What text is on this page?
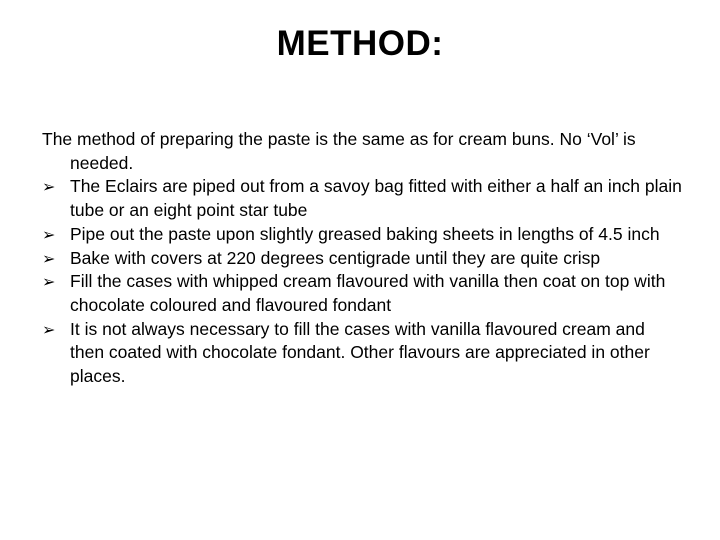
METHOD:

The method of preparing the paste is the same as for cream buns. No ‘Vol’ is needed.

➢ The Eclairs are piped out from a savoy bag fitted with either a half an inch plain tube or an eight point star tube
➢ Pipe out the paste upon slightly greased baking sheets in lengths of 4.5 inch
➢ Bake with covers at 220 degrees centigrade until they are quite crisp
➢ Fill the cases with whipped cream flavoured with vanilla then coat on top with chocolate coloured and flavoured fondant
➢ It is not always necessary to fill the cases with vanilla flavoured cream and then coated with chocolate fondant. Other flavours are appreciated in other places.
